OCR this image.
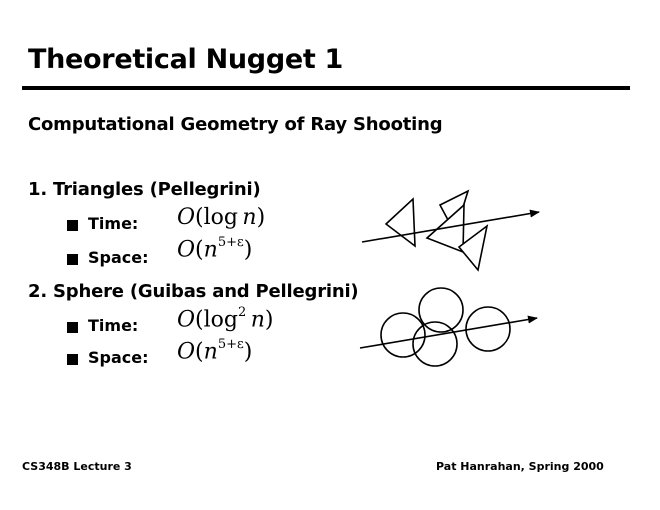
Theoretical Nugget 1
Computational Geometry of Ray Shooting
1. Triangles (Pellegrini)
Time: O(log  n)
Space: $O(n^{5+\varepsilon})$
2. Sphere (Guibas and Pellegrini)
Time: $O(\log^2$  n)
Space: $O(n^{5+\varepsilon})$
CS348B Lecture 3	Pat Hanrahan, Spring 2000
